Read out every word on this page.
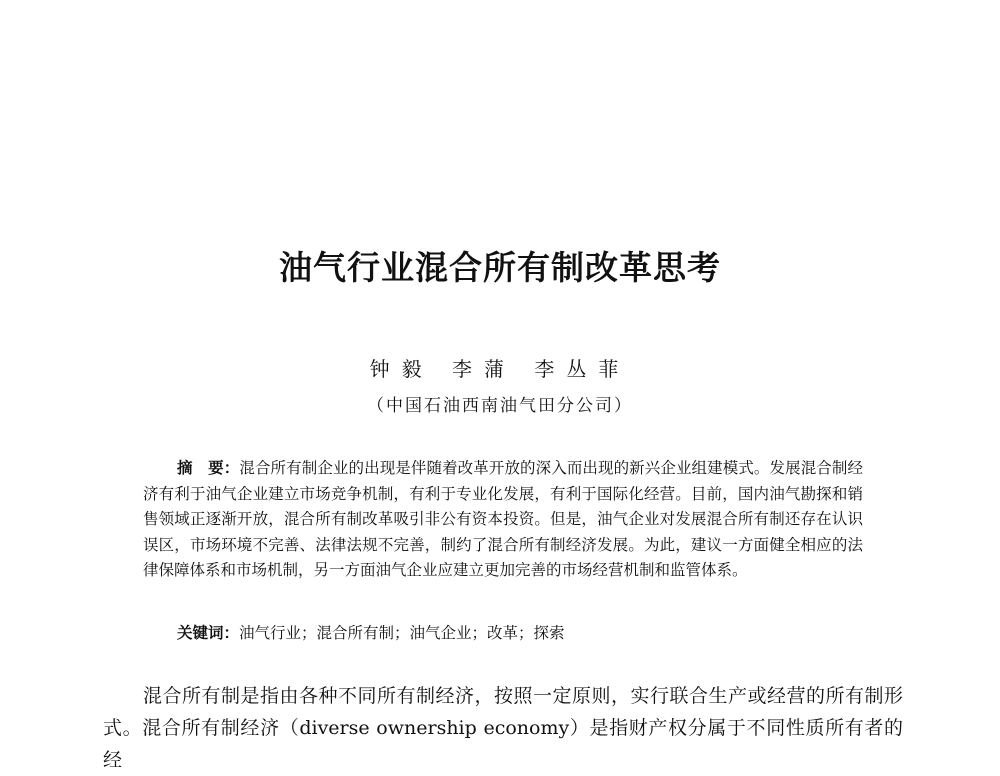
油气行业混合所有制改革思考
钟毅 李蒲 李丛菲
（中国石油西南油气田分公司）

摘　要：混合所有制企业的出现是伴随着改革开放的深入而出现的新兴企业组建模式。发展混合制经济有利于油气企业建立市场竞争机制，有利于专业化发展，有利于国际化经营。目前，国内油气勘探和销售领域正逐渐开放，混合所有制改革吸引非公有资本投资。但是，油气企业对发展混合所有制还存在认识误区，市场环境不完善、法律法规不完善，制约了混合所有制经济发展。为此，建议一方面健全相应的法律保障体系和市场机制，另一方面油气企业应建立更加完善的市场经营机制和监管体系。

关键词：油气行业；混合所有制；油气企业；改革；探索

混合所有制是指由各种不同所有制经济，按照一定原则，实行联合生产或经营的所有制形式。混合所有制经济（diverse ownership economy）是指财产权分属于不同性质所有者的经
